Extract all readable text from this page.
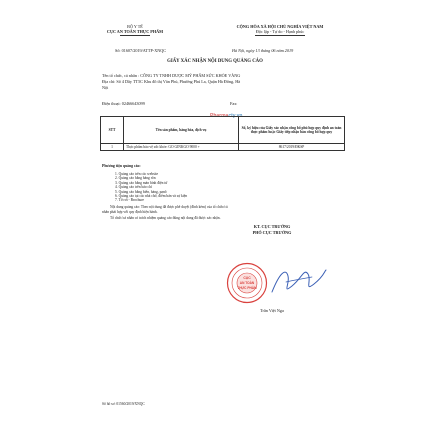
BỘ Y TẾ
CỤC AN TOÀN THỰC PHẨM
CỘNG HÒA XÃ HỘI CHỦ NGHĨA VIỆT NAM
Độc lập - Tự do - Hạnh phúc
Số: 01607/2019/ATTP-XNQC	Hà Nội, ngày 13 tháng 06 năm 2019
GIẤY XÁC NHẬN NỘI DUNG QUẢNG CÁO
Tên tổ chức, cá nhân : CÔNG TY TNHH DƯỢC MỸ PHẨM SỨC KHỎE VÀNG
Địa chỉ: Số 4 Dãy TT5C Khu đô thị Văn Phú, Phường Phú La, Quận Hà Đông, Hà
Nội
Điện thoại: 02466643099	Fax:
Pharmacty.vn
STT	Tên sản phẩm, hàng hóa, dịch vụ	Số, ký hiệu của Giấy xác nhận công bố phù hợp quy định an toàn thực phẩm hoặc Giấy tiếp nhận bản công bố hợp quy
1	Thực phẩm bảo vệ sức khỏe: GO GINKGO 9000 +	8617/2019/ĐKSP
Phương tiện quảng cáo:
1. Quảng cáo trên các website
2. Quảng cáo bằng băng rôn
3. Quảng cáo bằng màn hình điện tử
4. Quảng cáo trên báo chí
5. Quảng cáo bằng biển, bảng, panô
6. Quảng cáo tại các nhà chờ, điểm bán và sự kiện
7. Tờ rơi - Brochure
Nội dung quảng cáo: Theo nội dung đã được phê duyệt (đính kèm) của tổ chức/cá
nhân phải hợp với quy định hiện hành.
Tổ chức/cá nhân có trách nhiệm quảng cáo đúng nội dung đã được xác nhận.
KT. CỤC TRƯỞNG
PHÓ CỤC TRƯỞNG
CỤC
AN TOÀN
THỰC PHẨM
Trần Việt Nga
Số hồ sơ: 01560/2019/XNQC
